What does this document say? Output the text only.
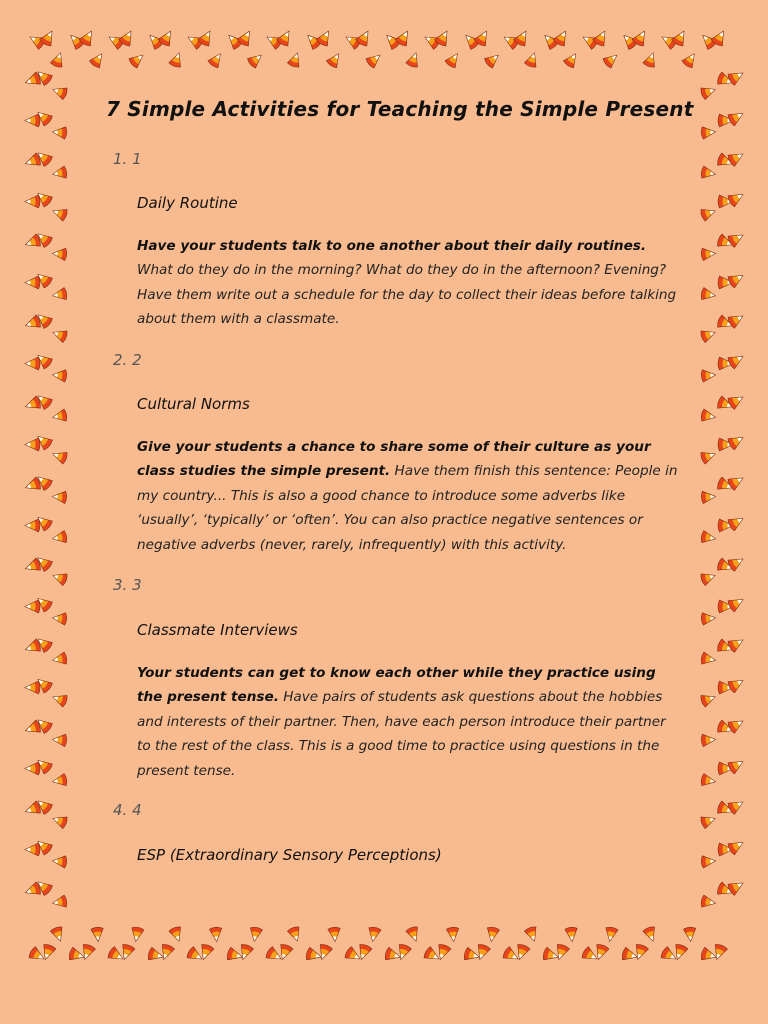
7 Simple Activities for Teaching the Simple Present
1. 1
Daily Routine
Have your students talk to one another about their daily routines. What do they do in the morning? What do they do in the afternoon? Evening? Have them write out a schedule for the day to collect their ideas before talking about them with a classmate.
2. 2
Cultural Norms
Give your students a chance to share some of their culture as your class studies the simple present. Have them finish this sentence: People in my country... This is also a good chance to introduce some adverbs like ‘usually’, ‘typically’ or ‘often’. You can also practice negative sentences or negative adverbs (never, rarely, infrequently) with this activity.
3. 3
Classmate Interviews
Your students can get to know each other while they practice using the present tense. Have pairs of students ask questions about the hobbies and interests of their partner. Then, have each person introduce their partner to the rest of the class. This is a good time to practice using questions in the present tense.
4. 4
ESP (Extraordinary Sensory Perceptions)
